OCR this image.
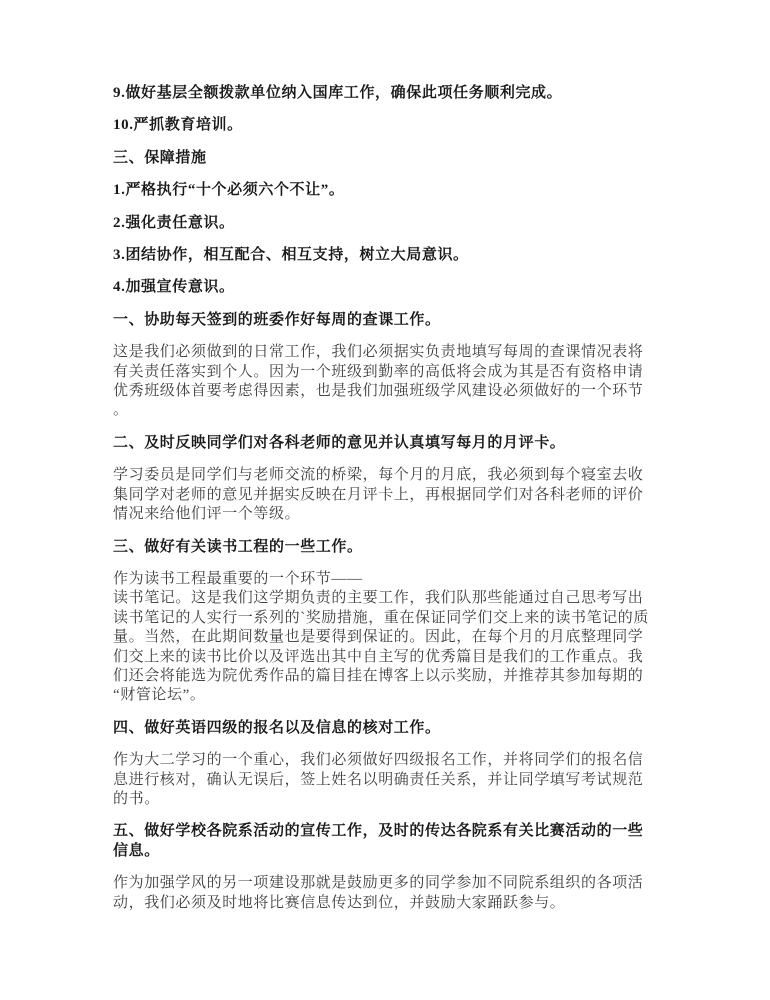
9.做好基层全额拨款单位纳入国库工作，确保此项任务顺利完成。
10.严抓教育培训。
三、保障措施
1.严格执行“十个必须六个不让”。
2.强化责任意识。
3.团结协作，相互配合、相互支持，树立大局意识。
4.加强宣传意识。
一、协助每天签到的班委作好每周的查课工作。
这是我们必须做到的日常工作，我们必须据实负责地填写每周的查课情况表将
有关责任落实到个人。因为一个班级到勤率的高低将会成为其是否有资格申请
优秀班级体首要考虑得因素，也是我们加强班级学风建设必须做好的一个环节
。
二、及时反映同学们对各科老师的意见并认真填写每月的月评卡。
学习委员是同学们与老师交流的桥梁，每个月的月底，我必须到每个寝室去收
集同学对老师的意见并据实反映在月评卡上，再根据同学们对各科老师的评价
情况来给他们评一个等级。
三、做好有关读书工程的一些工作。
作为读书工程最重要的一个环节——
读书笔记。这是我们这学期负责的主要工作，我们队那些能通过自己思考写出
读书笔记的人实行一系列的`奖励措施，重在保证同学们交上来的读书笔记的质
量。当然，在此期间数量也是要得到保证的。因此，在每个月的月底整理同学
们交上来的读书比价以及评选出其中自主写的优秀篇目是我们的工作重点。我
们还会将能选为院优秀作品的篇目挂在博客上以示奖励，并推荐其参加每期的
“财管论坛”。
四、做好英语四级的报名以及信息的核对工作。
作为大二学习的一个重心，我们必须做好四级报名工作，并将同学们的报名信
息进行核对，确认无误后，签上姓名以明确责任关系，并让同学填写考试规范
的书。
五、做好学校各院系活动的宣传工作，及时的传达各院系有关比赛活动的一些
信息。
作为加强学风的另一项建设那就是鼓励更多的同学参加不同院系组织的各项活
动，我们必须及时地将比赛信息传达到位，并鼓励大家踊跃参与。
